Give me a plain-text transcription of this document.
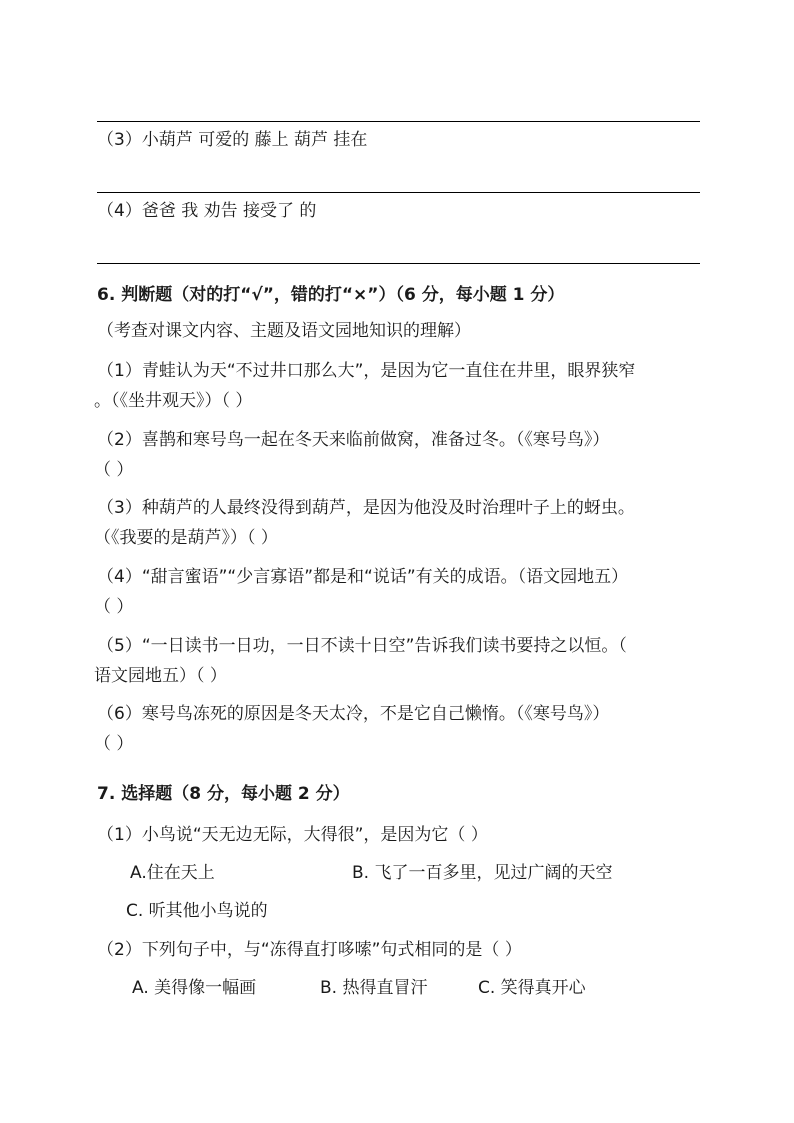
（3）小葫芦 可爱的 藤上 葫芦 挂在
（4）爸爸 我 劝告 接受了 的
6. 判断题（对的打“√”，错的打“×”）（6 分，每小题 1 分）
（考查对课文内容、主题及语文园地知识的理解）
（1）青蛙认为天“不过井口那么大”，是因为它一直住在井里，眼界狭窄
。（《坐井观天》）（ ）
（2）喜鹊和寒号鸟一起在冬天来临前做窝，准备过冬。（《寒号鸟》）
（ ）
（3）种葫芦的人最终没得到葫芦，是因为他没及时治理叶子上的蚜虫。
（《我要的是葫芦》）（ ）
（4）“甜言蜜语”“少言寡语”都是和“说话”有关的成语。（语文园地五）
（ ）
（5）“一日读书一日功，一日不读十日空”告诉我们读书要持之以恒。（
语文园地五）（ ）
（6）寒号鸟冻死的原因是冬天太冷，不是它自己懒惰。（《寒号鸟》）
（ ）
7. 选择题（8 分，每小题 2 分）
（1）小鸟说“天无边无际，大得很”，是因为它（ ）
A.住在天上	B. 飞了一百多里，见过广阔的天空
C. 听其他小鸟说的
（2）下列句子中，与“冻得直打哆嗦”句式相同的是（ ）
A. 美得像一幅画	B. 热得直冒汗	C. 笑得真开心
